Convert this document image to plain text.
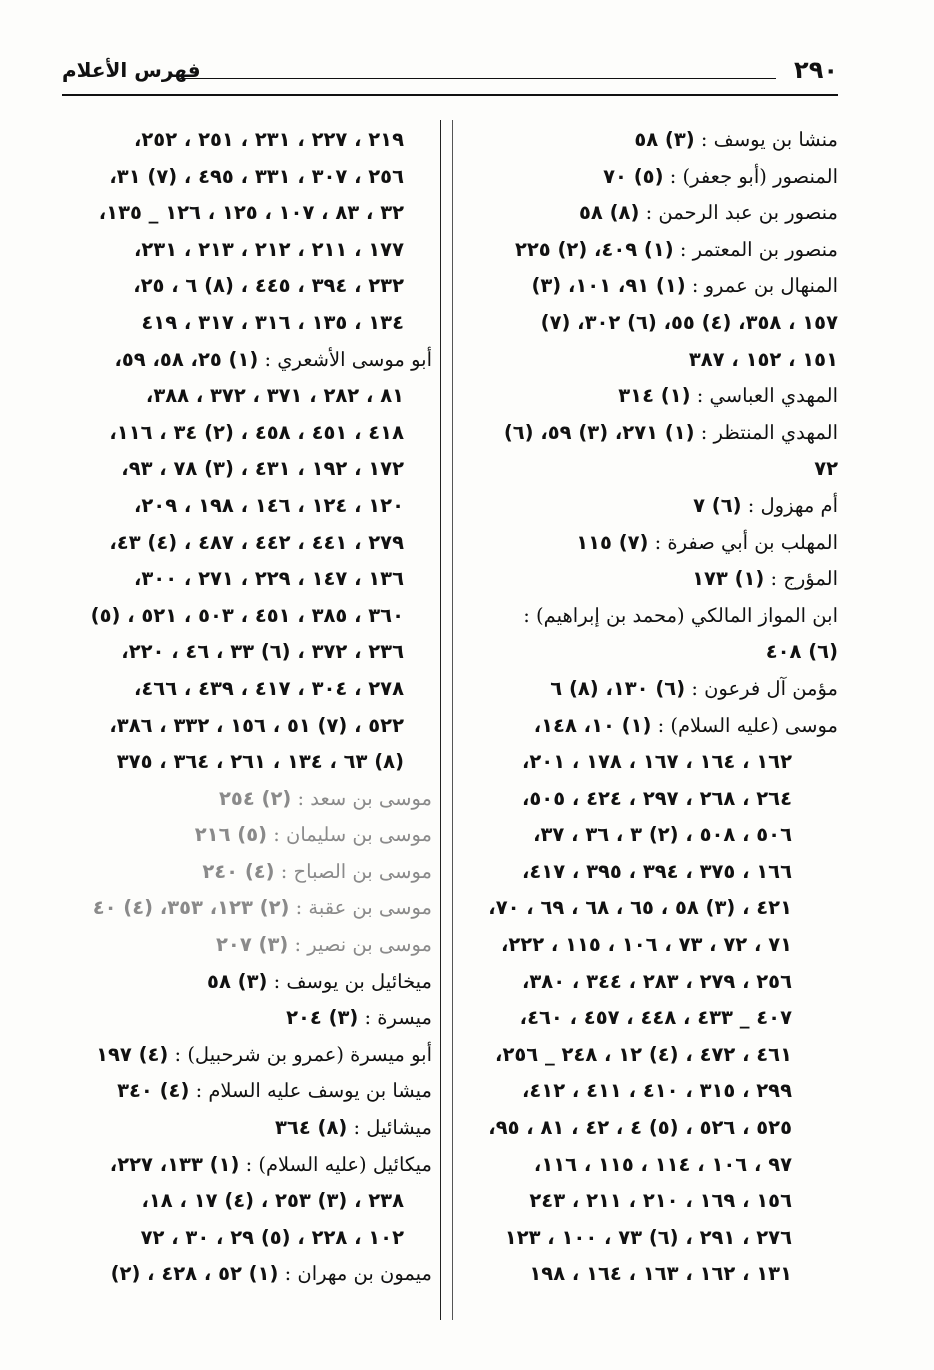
٢٩٠
فهرس الأعلام
منشا بن يوسف : (٣) ٥٨
المنصور (أبو جعفر) : (٥) ٧٠
منصور بن عبد الرحمن : (٨) ٥٨
منصور بن المعتمر : (١) ٤٠٩، (٢) ٢٢٥
المنهال بن عمرو : (١) ٩١، ١٠١، (٣)
١٥٧ ، ٣٥٨، (٤) ٥٥، (٦) ٣٠٢، (٧)
١٥١ ، ١٥٢ ، ٣٨٧
المهدي العباسي : (١) ٣١٤
المهدي المنتظر : (١) ٢٧١، (٣) ٥٩، (٦)
٧٢
أم مهزول : (٦) ٧
المهلب بن أبي صفرة : (٧) ١١٥
المؤرج : (١) ١٧٣
ابن المواز المالكي (محمد بن إبراهيم) :
(٦) ٤٠٨
مؤمن آل فرعون : (٦) ١٣٠، (٨) ٦
موسى (عليه السلام) : (١) ١٠، ١٤٨،
١٦٢ ، ١٦٤ ، ١٦٧ ، ١٧٨ ، ٢٠١،
٢٦٤ ، ٢٦٨ ، ٢٩٧ ، ٤٢٤ ، ٥٠٥،
٥٠٦ ، ٥٠٨ ، (٢) ٣ ، ٣٦ ، ٣٧،
١٦٦ ، ٣٧٥ ، ٣٩٤ ، ٣٩٥ ، ٤١٧،
٤٢١ ، (٣) ٥٨ ، ٦٥ ، ٦٨ ، ٦٩ ، ٧٠،
٧١ ، ٧٢ ، ٧٣ ، ١٠٦ ، ١١٥ ، ٢٢٢،
٢٥٦ ، ٢٧٩ ، ٢٨٣ ، ٣٤٤ ، ٣٨٠،
٤٠٧ _ ٤٣٣ ، ٤٤٨ ، ٤٥٧ ، ٤٦٠،
٤٦١ ، ٤٧٢ ، (٤) ١٢ ، ٢٤٨ _ ٢٥٦،
٢٩٩ ، ٣١٥ ، ٤١٠ ، ٤١١ ، ٤١٢،
٥٢٥ ، ٥٢٦ ، (٥) ٤ ، ٤٢ ، ٨١ ، ٩٥،
٩٧ ، ١٠٦ ، ١١٤ ، ١١٥ ، ١١٦،
١٥٦ ، ١٦٩ ، ٢١٠ ، ٢١١ ، ٢٤٣
٢٧٦ ، ٢٩١ ، (٦) ٧٣ ، ١٠٠ ، ١٢٣
١٣١ ، ١٦٢ ، ١٦٣ ، ١٦٤ ، ١٩٨
٢١٩ ، ٢٢٧ ، ٢٣١ ، ٢٥١ ، ٢٥٢،
٢٥٦ ، ٣٠٧ ، ٣٣١ ، ٤٩٥ ، (٧) ٣١،
٣٢ ، ٨٣ ، ١٠٧ ، ١٢٥ ، ١٢٦ _ ١٣٥،
١٧٧ ، ٢١١ ، ٢١٢ ، ٢١٣ ، ٢٣١،
٢٣٢ ، ٣٩٤ ، ٤٤٥ ، (٨) ٦ ، ٢٥،
١٣٤ ، ١٣٥ ، ٣١٦ ، ٣١٧ ، ٤١٩
أبو موسى الأشعري : (١) ٢٥، ٥٨، ٥٩،
٨١ ، ٢٨٢ ، ٣٧١ ، ٣٧٢ ، ٣٨٨،
٤١٨ ، ٤٥١ ، ٤٥٨ ، (٢) ٣٤ ، ١١٦،
١٧٢ ، ١٩٢ ، ٤٣١ ، (٣) ٧٨ ، ٩٣،
١٢٠ ، ١٢٤ ، ١٤٦ ، ١٩٨ ، ٢٠٩،
٢٧٩ ، ٤٤١ ، ٤٤٢ ، ٤٨٧ ، (٤) ٤٣،
١٣٦ ، ١٤٧ ، ٢٢٩ ، ٢٧١ ، ٣٠٠،
٣٦٠ ، ٣٨٥ ، ٤٥١ ، ٥٠٣ ، ٥٢١ ، (٥)
٢٣٦ ، ٣٧٢ ، (٦) ٣٣ ، ٤٦ ، ٢٢٠،
٢٧٨ ، ٣٠٤ ، ٤١٧ ، ٤٣٩ ، ٤٦٦،
٥٢٢ ، (٧) ٥١ ، ١٥٦ ، ٣٣٢ ، ٣٨٦،
(٨) ٦٣ ، ١٣٤ ، ٢٦١ ، ٣٦٤ ، ٣٧٥
موسى بن سعد : (٢) ٢٥٤
موسى بن سليمان : (٥) ٢١٦
موسى بن الصباح : (٤) ٢٤٠
موسى بن عقبة : (٢) ١٢٣، ٣٥٣، (٤) ٤٠
موسى بن نصير : (٣) ٢٠٧
ميخائيل بن يوسف : (٣) ٥٨
ميسرة : (٣) ٢٠٤
أبو ميسرة (عمرو بن شرحبيل) : (٤) ١٩٧
ميشا بن يوسف عليه السلام : (٤) ٣٤٠
ميشائيل : (٨) ٣٦٤
ميكائيل (عليه السلام) : (١) ١٣٣، ٢٢٧،
٢٣٨ ، (٣) ٢٥٣ ، (٤) ١٧ ، ١٨،
١٠٢ ، ٢٢٨ ، (٥) ٢٩ ، ٣٠ ، ٧٢
ميمون بن مهران : (١) ٥٢ ، ٤٢٨ ، (٢)
